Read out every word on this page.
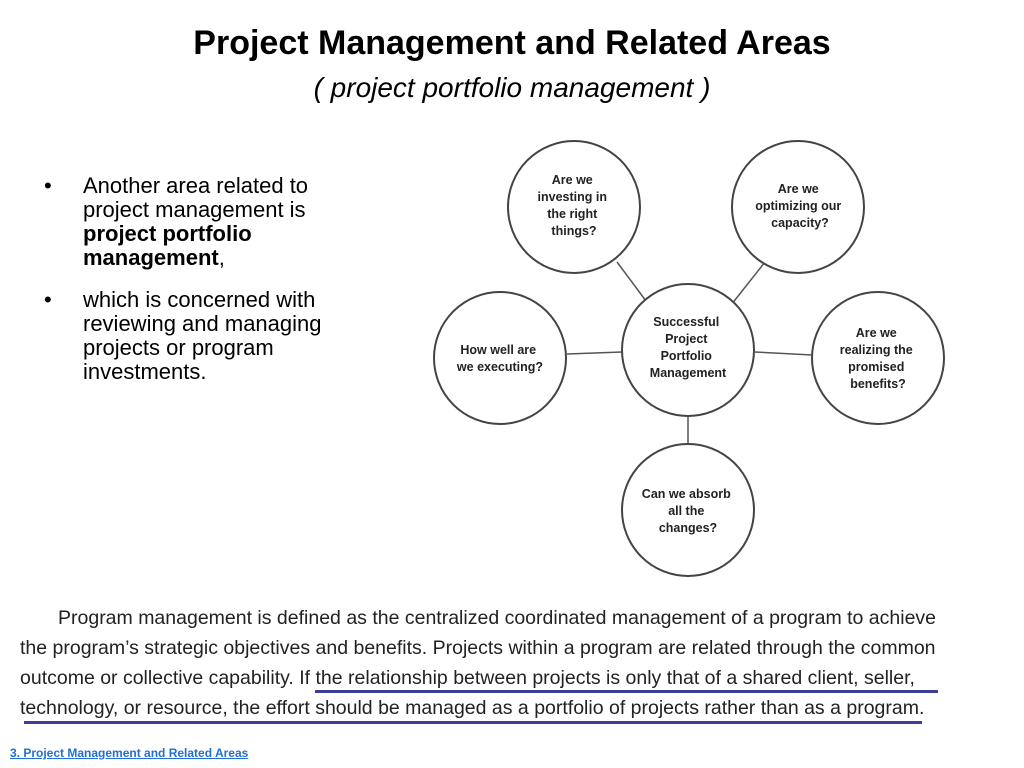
Project Management and Related Areas
( project portfolio management )
• Another area related to project management is project portfolio management,
• which is concerned with reviewing and managing projects or program investments.
Are we investing in the right things?
Are we optimizing our capacity?
How well are we executing?
Successful Project Portfolio Management
Are we realizing the promised benefits?
Can we absorb all the changes?
Program management is defined as the centralized coordinated management of a program to achieve
the program’s strategic objectives and benefits. Projects within a program are related through the common
outcome or collective capability. If the relationship between projects is only that of a shared client, seller,
technology, or resource, the effort should be managed as a portfolio of projects rather than as a program.
3. Project Management and Related Areas
